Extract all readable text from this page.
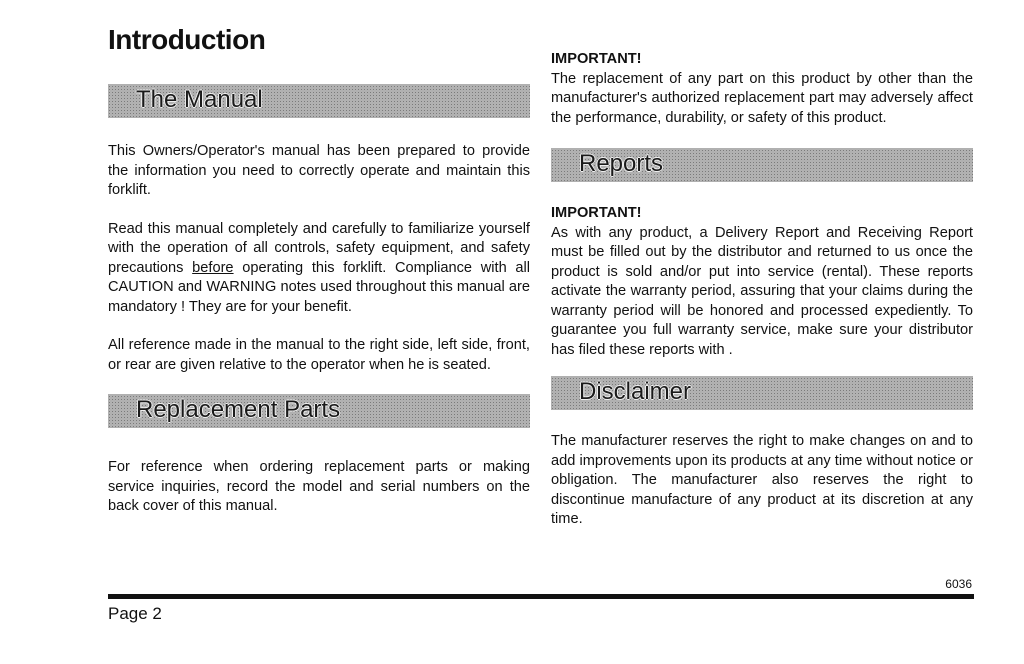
Introduction
The Manual

This Owners/Operator's manual has been prepared to provide the information you need to correctly operate and maintain this forklift.

Read this manual completely and carefully to familiarize yourself with the operation of all controls, safety equipment, and safety precautions before operating this forklift. Compliance with all CAUTION and WARNING notes used throughout this manual are mandatory ! They are for your benefit.

All reference made in the manual to the right side, left side, front, or rear are given relative to the operator when he is seated.

Replacement Parts

For reference when ordering replacement parts or making service inquiries, record the model and serial numbers on the back cover of this manual.

IMPORTANT!

The replacement of any part on this product by other than the manufacturer's authorized replacement part may adversely affect the performance, durability, or safety of this product.

Reports

IMPORTANT!

As with any product, a Delivery Report and Receiving Report must be filled out by the distributor and returned to us once the product is sold and/or put into service (rental). These reports activate the warranty period, assuring that your claims during the warranty period will be honored and processed expediently. To guarantee you full warranty service, make sure your distributor has filed these reports with .

Disclaimer

The manufacturer reserves the right to make changes on and to add improvements upon its products at any time without notice or obligation. The manufacturer also reserves the right to discontinue manufacture of any product at its discretion at any time.

6036
Page 2
